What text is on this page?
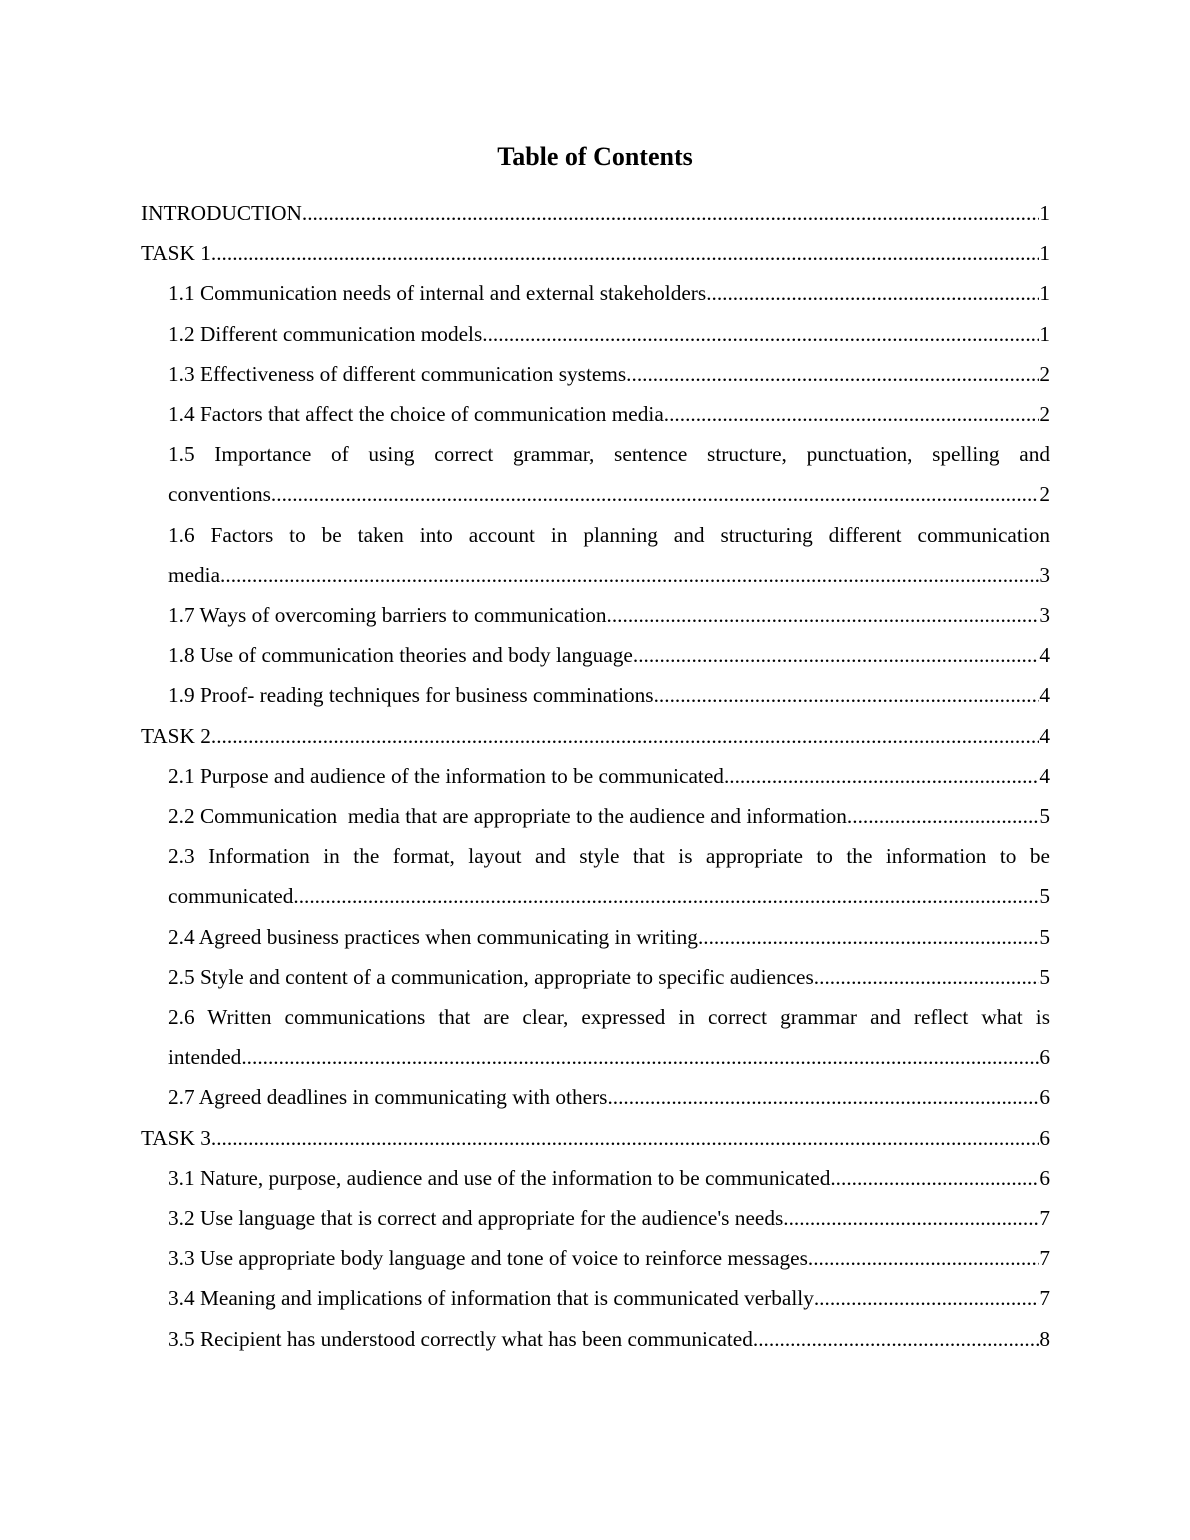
Table of Contents
INTRODUCTION .....	1
TASK 1 .....	1
1.1 Communication needs of internal and external stakeholders .....	1
1.2 Different communication models .....	1
1.3 Effectiveness of different communication systems .....	2
1.4 Factors that affect the choice of communication media .....	2
1.5 Importance of using correct grammar, sentence structure, punctuation, spelling and
conventions .....	2
1.6 Factors to be taken into account in planning and structuring different communication
media .....	3
1.7 Ways of overcoming barriers to communication .....	3
1.8 Use of communication theories and body language .....	4
1.9 Proof- reading techniques for business comminations .....	4
TASK 2 .....	4
2.1 Purpose and audience of the information to be communicated .....	4
2.2 Communication  media that are appropriate to the audience and information .....	5
2.3 Information in the format, layout and style that is appropriate to the information to be
communicated .....	5
2.4 Agreed business practices when communicating in writing .....	5
2.5 Style and content of a communication, appropriate to specific audiences .....	5
2.6 Written communications that are clear, expressed in correct grammar and reflect what is
intended .....	6
2.7 Agreed deadlines in communicating with others .....	6
TASK 3 .....	6
3.1 Nature, purpose, audience and use of the information to be communicated .....	6
3.2 Use language that is correct and appropriate for the audience's needs .....	7
3.3 Use appropriate body language and tone of voice to reinforce messages .....	7
3.4 Meaning and implications of information that is communicated verbally .....	7
3.5 Recipient has understood correctly what has been communicated .....	8
